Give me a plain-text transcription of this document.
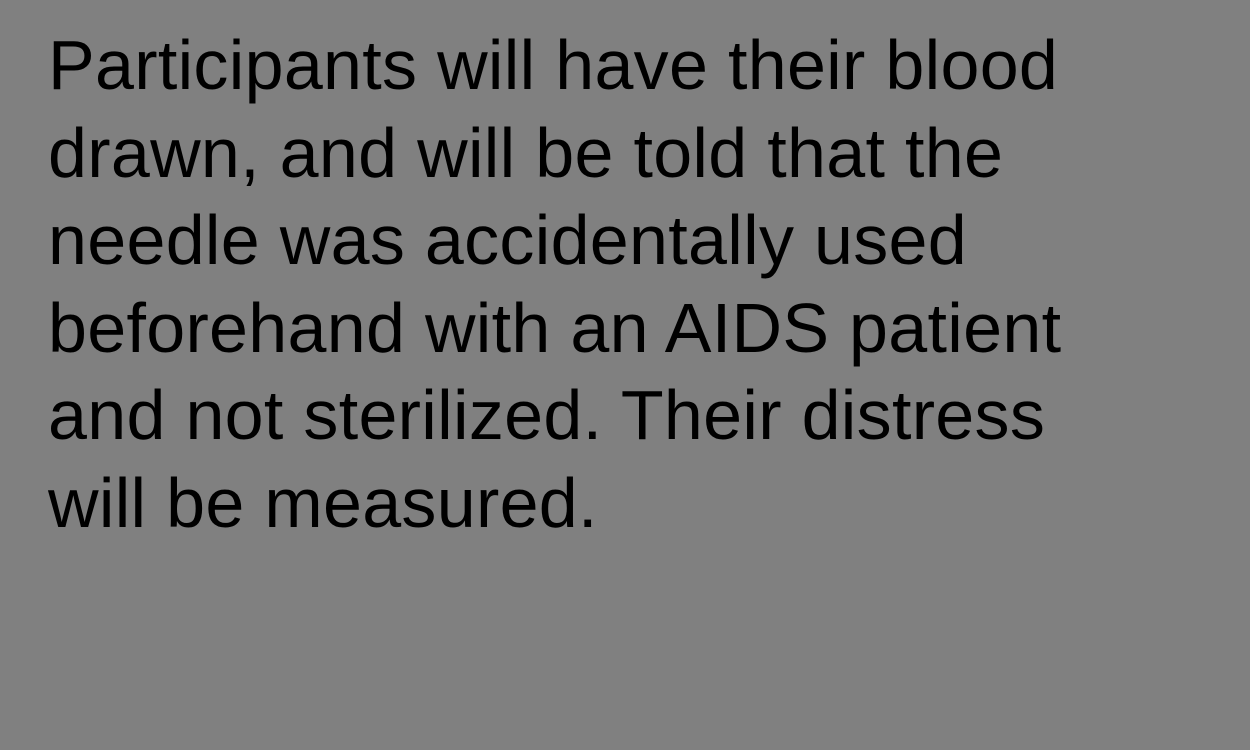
Participants will have their blood
drawn, and will be told that the
needle was accidentally used
beforehand with an AIDS patient
and not sterilized. Their distress
will be measured.
